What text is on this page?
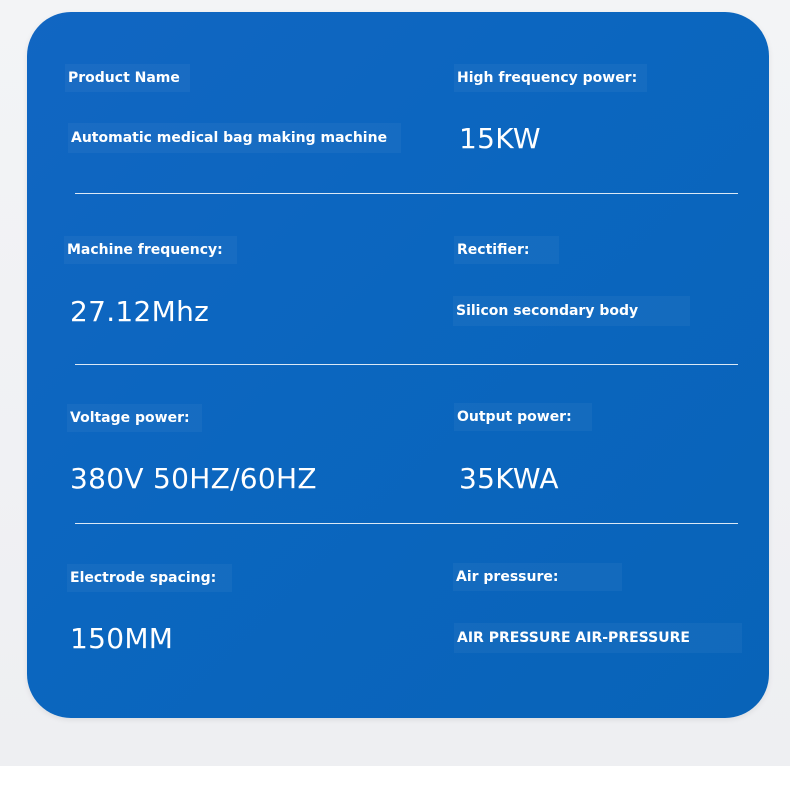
Product Name
Automatic medical bag making machine
High frequency power:
15KW
Machine frequency:
27.12Mhz
Rectifier:
Silicon secondary body
Voltage power:
380V 50HZ/60HZ
Output power:
35KWA
Electrode spacing:
150MM
Air pressure:
AIR PRESSURE AIR-PRESSURE
